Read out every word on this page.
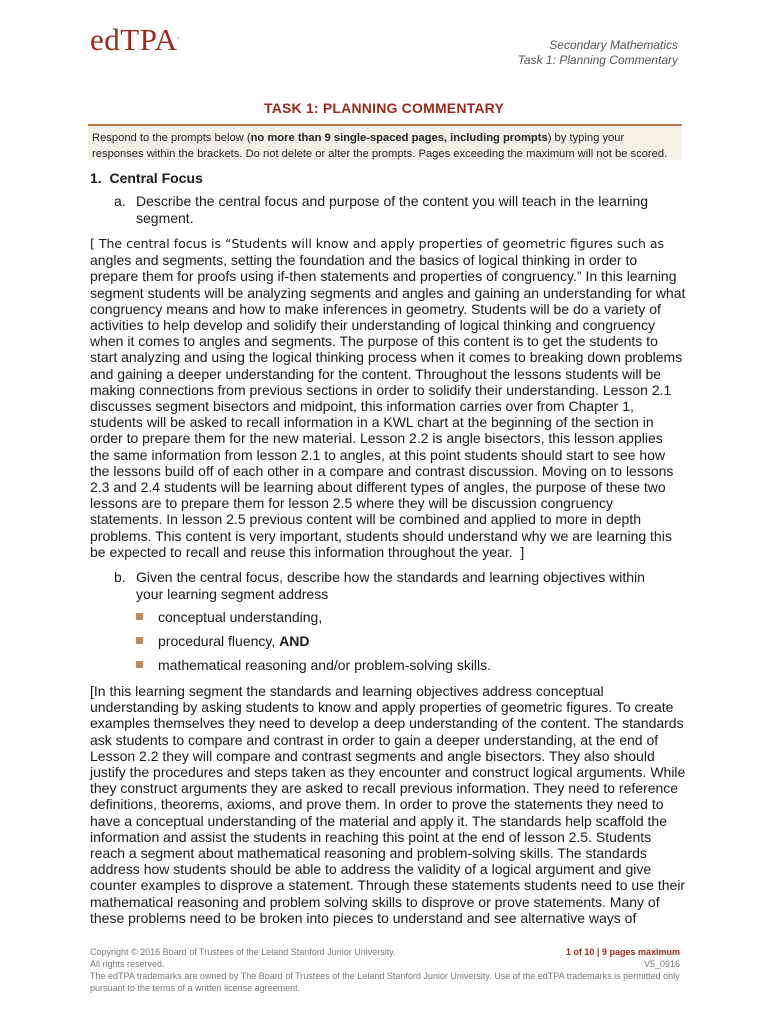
edTPA.
Secondary Mathematics
Task 1: Planning Commentary
TASK 1: PLANNING COMMENTARY
Respond to the prompts below (no more than 9 single-spaced pages, including prompts) by typing your responses within the brackets. Do not delete or alter the prompts. Pages exceeding the maximum will not be scored.
1.  Central Focus
a. Describe the central focus and purpose of the content you will teach in the learning segment.
[ The central focus is “Students will know and apply properties of geometric figures such as angles and segments, setting the foundation and the basics of logical thinking in order to prepare them for proofs using if-then statements and properties of congruency.” In this learning segment students will be analyzing segments and angles and gaining an understanding for what congruency means and how to make inferences in geometry. Students will be do a variety of activities to help develop and solidify their understanding of logical thinking and congruency when it comes to angles and segments. The purpose of this content is to get the students to start analyzing and using the logical thinking process when it comes to breaking down problems and gaining a deeper understanding for the content. Throughout the lessons students will be making connections from previous sections in order to solidify their understanding. Lesson 2.1 discusses segment bisectors and midpoint, this information carries over from Chapter 1, students will be asked to recall information in a KWL chart at the beginning of the section in order to prepare them for the new material. Lesson 2.2 is angle bisectors, this lesson applies the same information from lesson 2.1 to angles, at this point students should start to see how the lessons build off of each other in a compare and contrast discussion. Moving on to lessons 2.3 and 2.4 students will be learning about different types of angles, the purpose of these two lessons are to prepare them for lesson 2.5 where they will be discussion congruency statements. In lesson 2.5 previous content will be combined and applied to more in depth problems. This content is very important, students should understand why we are learning this be expected to recall and reuse this information throughout the year.  ]
b. Given the central focus, describe how the standards and learning objectives within your learning segment address
conceptual understanding,
procedural fluency, AND
mathematical reasoning and/or problem-solving skills.
[In this learning segment the standards and learning objectives address conceptual understanding by asking students to know and apply properties of geometric figures. To create examples themselves they need to develop a deep understanding of the content. The standards ask students to compare and contrast in order to gain a deeper understanding, at the end of Lesson 2.2 they will compare and contrast segments and angle bisectors. They also should justify the procedures and steps taken as they encounter and construct logical arguments. While they construct arguments they are asked to recall previous information. They need to reference definitions, theorems, axioms, and prove them. In order to prove the statements they need to have a conceptual understanding of the material and apply it. The standards help scaffold the information and assist the students in reaching this point at the end of lesson 2.5. Students reach a segment about mathematical reasoning and problem-solving skills. The standards address how students should be able to address the validity of a logical argument and give counter examples to disprove a statement. Through these statements students need to use their mathematical reasoning and problem solving skills to disprove or prove statements. Many of these problems need to be broken into pieces to understand and see alternative ways of
Copyright © 2016 Board of Trustees of the Leland Stanford Junior University.
All rights reserved.
The edTPA trademarks are owned by The Board of Trustees of the Leland Stanford Junior University. Use of the edTPA trademarks is permitted only pursuant to the terms of a written license agreement.
1 of 10 | 9 pages maximum
V5_0916
